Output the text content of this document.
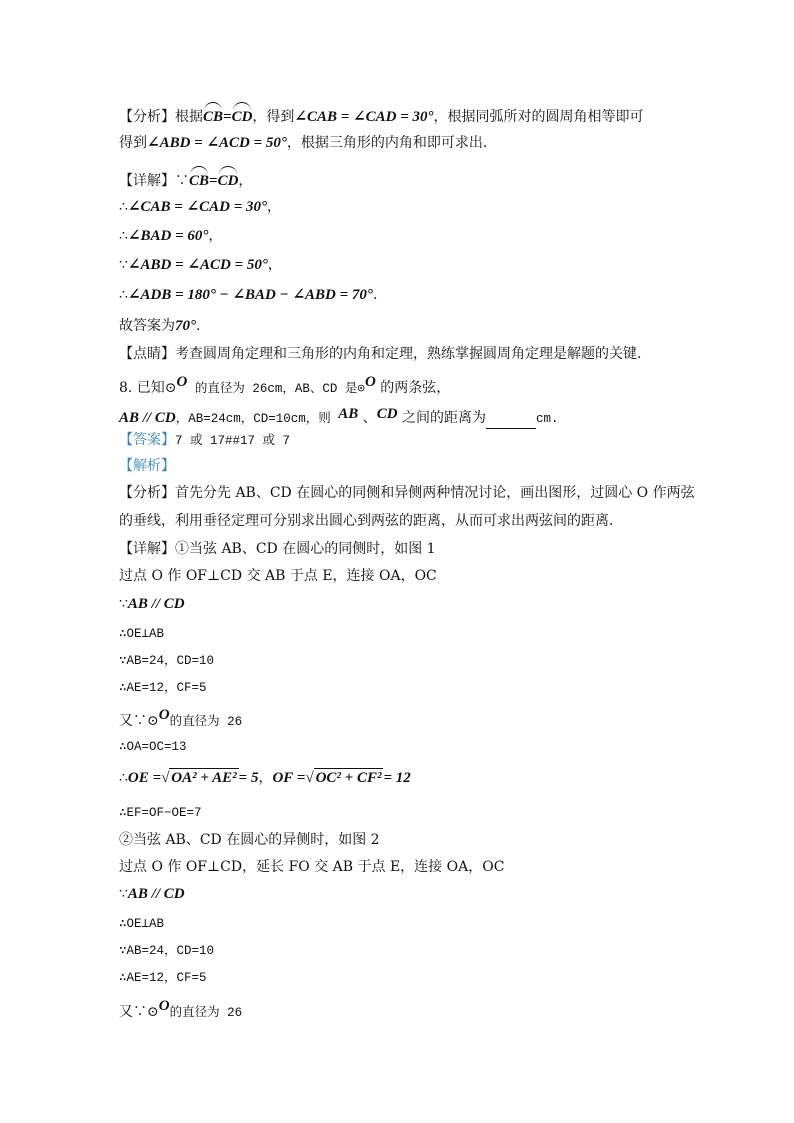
【分析】根据CB=CD，得到∠CAB = ∠CAD = 30°，根据同弧所对的圆周角相等即可
得到∠ABD = ∠ACD = 50°，根据三角形的内角和即可求出.
【详解】∵CB=CD，
∴∠CAB = ∠CAD = 30°，
∴∠BAD = 60°，
∵∠ABD = ∠ACD = 50°，
∴∠ADB = 180° − ∠BAD − ∠ABD = 70°.
故答案为70°.
【点睛】考查圆周角定理和三角形的内角和定理，熟练掌握圆周角定理是解题的关键.
8. 已知⊙O 的直径为 26cm，AB、CD 是⊙O 的两条弦，
AB // CD，AB=24cm，CD=10cm，则 AB 、CD 之间的距离为	cm.
【答案】7 或 17##17 或 7
【解析】
【分析】首先分先 AB、CD 在圆心的同侧和异侧两种情况讨论，画出图形，过圆心 O 作两弦
的垂线，利用垂径定理可分别求出圆心到两弦的距离，从而可求出两弦间的距离．
【详解】①当弦 AB、CD 在圆心的同侧时，如图 1
过点 O 作 OF⊥CD 交 AB 于点 E，连接 OA，OC
∵AB // CD
∴OE⊥AB
∵AB=24，CD=10
∴AE=12，CF=5
又∵⊙O的直径为 26
∴OA=OC=13
∴OE =√ OA² + AE² = 5，OF =√ OC² + CF² = 12
∴EF=OF−OE=7
②当弦 AB、CD 在圆心的异侧时，如图 2
过点 O 作 OF⊥CD，延长 FO 交 AB 于点 E，连接 OA，OC
∵AB // CD
∴OE⊥AB
∵AB=24，CD=10
∴AE=12，CF=5
又∵⊙O的直径为 26
